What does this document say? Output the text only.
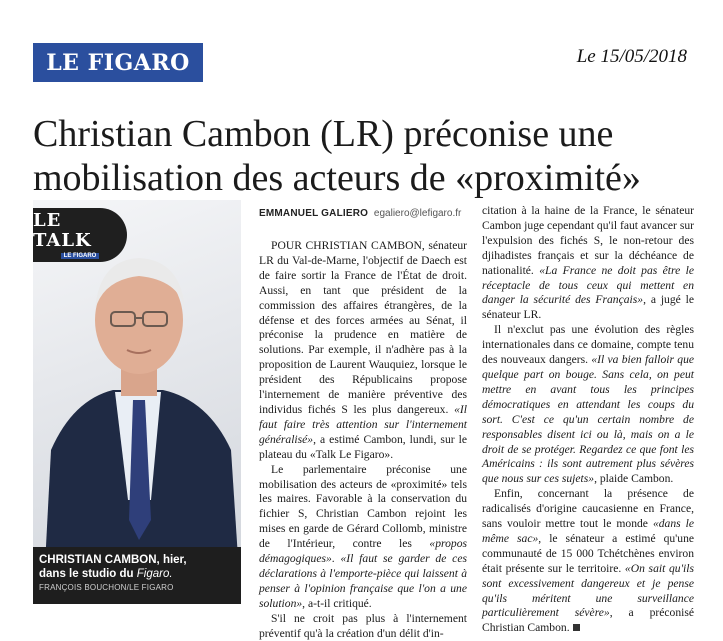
LE FIGARO	Le 15/05/2018
Christian Cambon (LR) préconise une mobilisation des acteurs de «proximité»
LE TALK
LE FIGARO
CHRISTIAN CAMBON, hier,
dans le studio du Figaro.
FRANÇOIS BOUCHON/LE FIGARO
EMMANUEL GALIERO egaliero@lefigaro.fr

POUR CHRISTIAN CAMBON, sénateur LR du Val-de-Marne, l'objectif de Daech est de faire sortir la France de l'État de droit. Aussi, en tant que président de la commission des affaires étrangères, de la défense et des forces armées au Sénat, il préconise la prudence en matière de solutions. Par exemple, il n'adhère pas à la proposition de Laurent Wauquiez, lorsque le président des Républicains propose l'internement de manière préventive des individus fichés S les plus dangereux. «Il faut faire très attention sur l'internement généralisé», a estimé Cambon, lundi, sur le plateau du «Talk Le Figaro».

Le parlementaire préconise une mobilisation des acteurs de «proximité» tels les maires. Favorable à la conservation du fichier S, Christian Cambon rejoint les mises en garde de Gérard Collomb, ministre de l'Intérieur, contre les «propos démagogiques». «Il faut se garder de ces déclarations à l'emporte-pièce qui laissent à penser à l'opinion française que l'on a une solution», a-t-il critiqué.

S'il ne croit pas plus à l'internement préventif qu'à la création d'un délit d'in-

citation à la haine de la France, le sénateur Cambon juge cependant qu'il faut avancer sur l'expulsion des fichés S, le non-retour des djihadistes français et sur la déchéance de nationalité. «La France ne doit pas être le réceptacle de tous ceux qui mettent en danger la sécurité des Français», a jugé le sénateur LR.

Il n'exclut pas une évolution des règles internationales dans ce domaine, compte tenu des nouveaux dangers. «Il va bien falloir que quelque part on bouge. Sans cela, on peut mettre en avant tous les principes démocratiques en attendant les coups du sort. C'est ce qu'un certain nombre de responsables disent ici ou là, mais on a le droit de se protéger. Regardez ce que font les Américains : ils sont autrement plus sévères que nous sur ces sujets», plaide Cambon.

Enfin, concernant la présence de radicalisés d'origine caucasienne en France, sans vouloir mettre tout le monde «dans le même sac», le sénateur a estimé qu'une communauté de 15 000 Tchétchènes environ était présente sur le territoire. «On sait qu'ils sont excessivement dangereux et je pense qu'ils méritent une surveillance particulièrement sévère», a préconisé Christian Cambon.
